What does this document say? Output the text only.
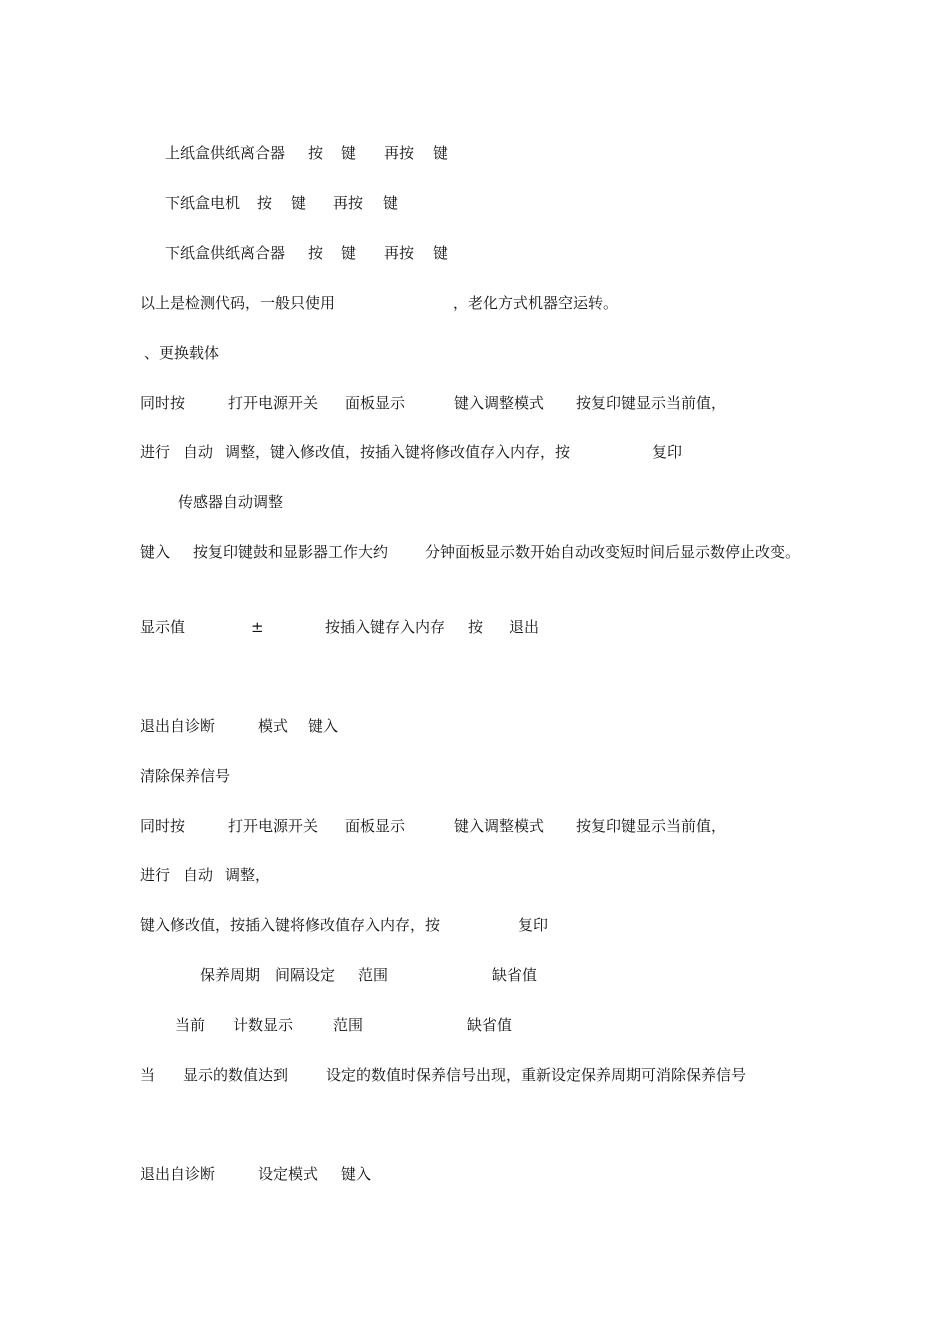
上纸盒供纸离合器 按 键 再按 键
下纸盒电机 按 键 再按 键
下纸盒供纸离合器 按 键 再按 键
以上是检测代码，一般只使用	，老化方式机器空运转。
、更换载体
同时按	打开电源开关 面板显示	键入调整模式 按复印键显示当前值，
进行 自动 调整，键入修改值，按插入键将修改值存入内存，按	复印
传感器自动调整
键入 按复印键鼓和显影器工作大约 分钟面板显示数开始自动改变短时间后显示数停止改变。
显示值	±	按插入键存入内存 按 退出
退出自诊断	模式 键入
清除保养信号
同时按	打开电源开关 面板显示	键入调整模式 按复印键显示当前值，
进行 自动 调整，
键入修改值，按插入键将修改值存入内存，按	复印
保养周期 间隔设定 范围	缺省值
当前 计数显示	范围	缺省值
当 显示的数值达到	设定的数值时保养信号出现，重新设定保养周期可消除保养信号
退出自诊断	设定模式 键入
